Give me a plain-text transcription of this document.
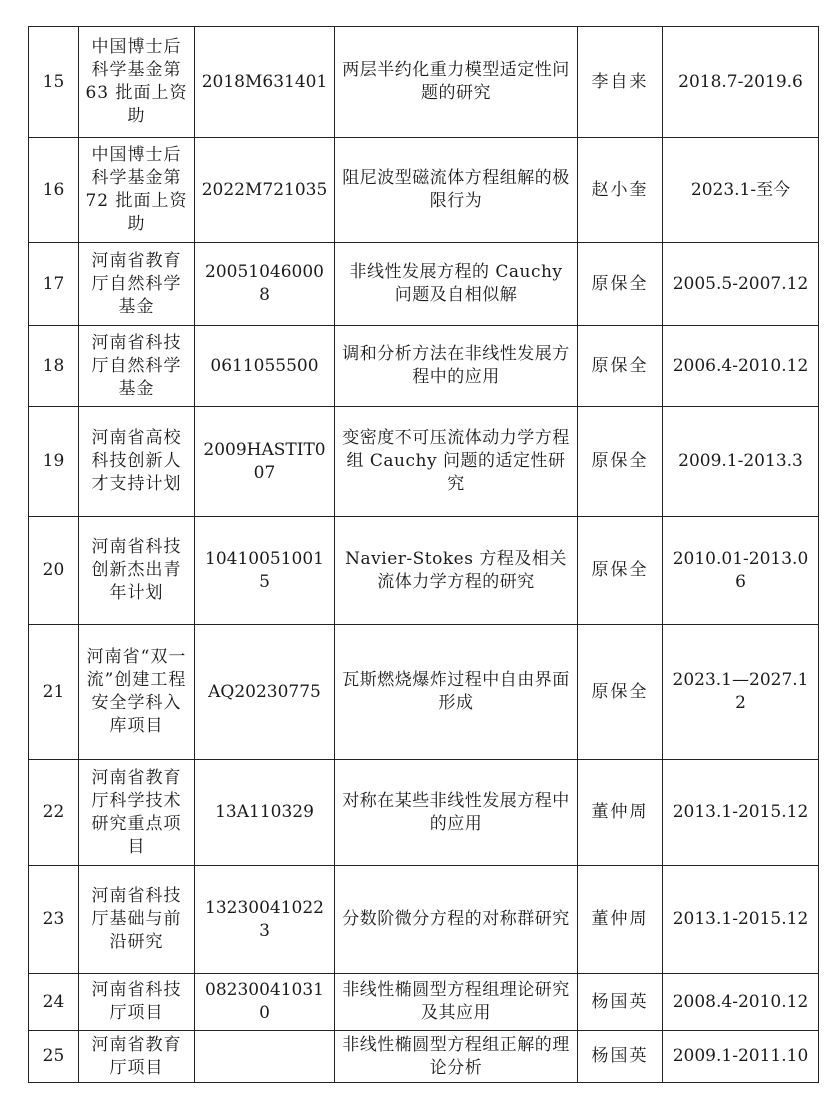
15	中国博士后科学基金第 63 批面上资助	2018M631401	两层半约化重力模型适定性问题的研究	李自来	2018.7-2019.6
16	中国博士后科学基金第 72 批面上资助	2022M721035	阻尼波型磁流体方程组解的极限行为	赵小奎	2023.1-至今
17	河南省教育厅自然科学基金	200510460008	非线性发展方程的 Cauchy 问题及自相似解	原保全	2005.5-2007.12
18	河南省科技厅自然科学基金	0611055500	调和分析方法在非线性发展方程中的应用	原保全	2006.4-2010.12
19	河南省高校科技创新人才支持计划	2009HASTIT007	变密度不可压流体动力学方程组 Cauchy 问题的适定性研究	原保全	2009.1-2013.3
20	河南省科技创新杰出青年计划	104100510015	Navier-Stokes 方程及相关流体力学方程的研究	原保全	2010.01-2013.06
21	河南省“双一流”创建工程安全学科入库项目	AQ20230775	瓦斯燃烧爆炸过程中自由界面形成	原保全	2023.1—2027.12
22	河南省教育厅科学技术研究重点项目	13A110329	对称在某些非线性发展方程中的应用	董仲周	2013.1-2015.12
23	河南省科技厅基础与前沿研究	132300410223	分数阶微分方程的对称群研究	董仲周	2013.1-2015.12
24	河南省科技厅项目	082300410310	非线性椭圆型方程组理论研究及其应用	杨国英	2008.4-2010.12
25	河南省教育厅项目		非线性椭圆型方程组正解的理论分析	杨国英	2009.1-2011.10
